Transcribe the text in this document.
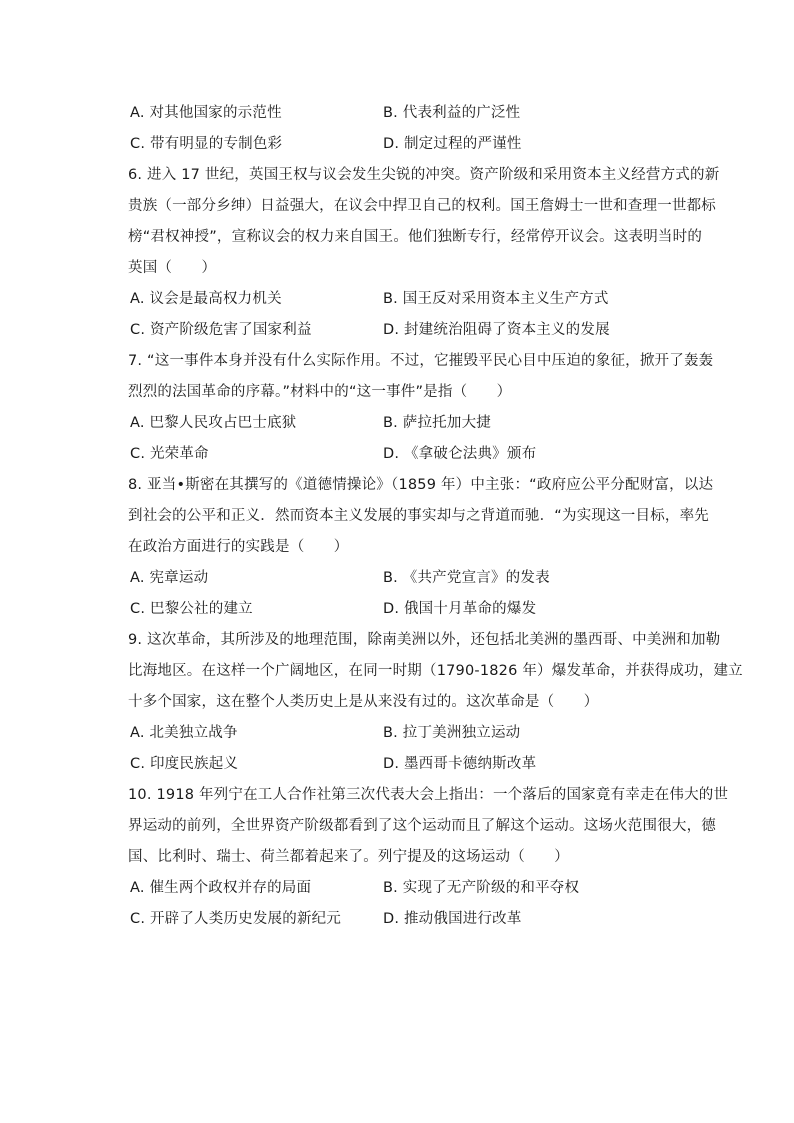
A. 对其他国家的示范性	B. 代表利益的广泛性
C. 带有明显的专制色彩	D. 制定过程的严谨性
6. 进入 17 世纪，英国王权与议会发生尖锐的冲突。资产阶级和采用资本主义经营方式的新
贵族（一部分乡绅）日益强大，在议会中捍卫自己的权利。国王詹姆士一世和查理一世都标
榜“君权神授”，宣称议会的权力来自国王。他们独断专行，经常停开议会。这表明当时的
英国（　　）
A. 议会是最高权力机关	B. 国王反对采用资本主义生产方式
C. 资产阶级危害了国家利益	D. 封建统治阻碍了资本主义的发展
7. “这一事件本身并没有什么实际作用。不过，它摧毁平民心目中压迫的象征，掀开了轰轰
烈烈的法国革命的序幕。”材料中的“这一事件”是指（　　）
A. 巴黎人民攻占巴士底狱	B. 萨拉托加大捷
C. 光荣革命	D. 《拿破仑法典》颁布
8. 亚当•斯密在其撰写的《道德情操论》（1859 年）中主张：“政府应公平分配财富，以达
到社会的公平和正义．然而资本主义发展的事实却与之背道而驰．“为实现这一目标，率先
在政治方面进行的实践是（　　）
A. 宪章运动	B. 《共产党宣言》的发表
C. 巴黎公社的建立	D. 俄国十月革命的爆发
9. 这次革命，其所涉及的地理范围，除南美洲以外，还包括北美洲的墨西哥、中美洲和加勒
比海地区。在这样一个广阔地区，在同一时期（1790-1826 年）爆发革命，并获得成功，建立
十多个国家，这在整个人类历史上是从来没有过的。这次革命是（　　）
A. 北美独立战争	B. 拉丁美洲独立运动
C. 印度民族起义	D. 墨西哥卡德纳斯改革
10. 1918 年列宁在工人合作社第三次代表大会上指出：一个落后的国家竟有幸走在伟大的世
界运动的前列，全世界资产阶级都看到了这个运动而且了解这个运动。这场火范围很大，德
国、比利时、瑞士、荷兰都着起来了。列宁提及的这场运动（　　）
A. 催生两个政权并存的局面	B. 实现了无产阶级的和平夺权
C. 开辟了人类历史发展的新纪元	D. 推动俄国进行改革
